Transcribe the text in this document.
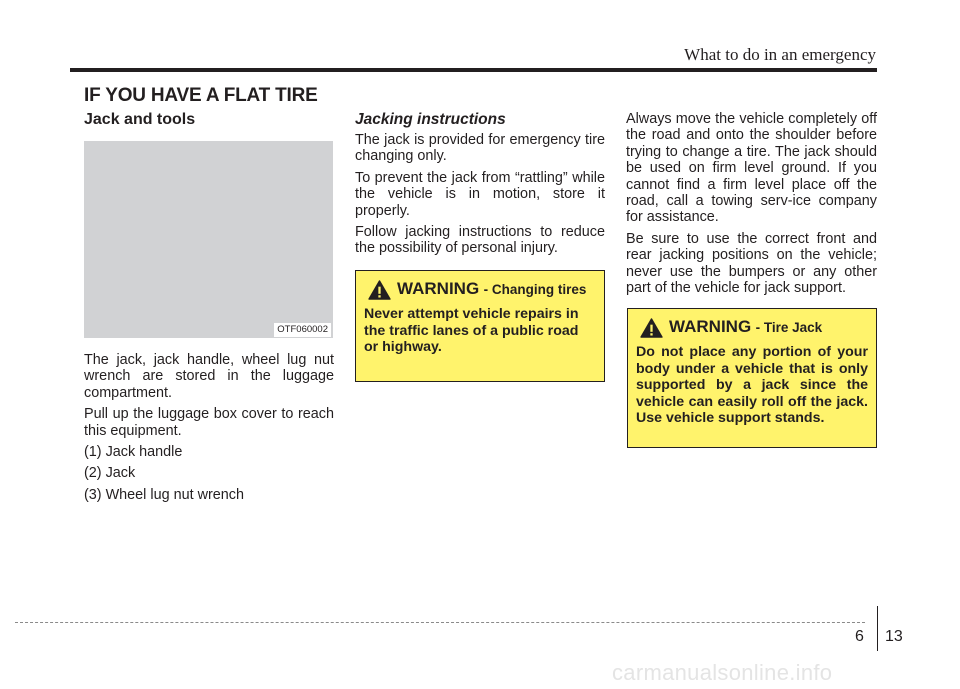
What to do in an emergency
IF YOU HAVE A FLAT TIRE
Jack and tools
OTF060002

The jack, jack handle, wheel lug nut wrench are stored in the luggage compartment.

Pull up the luggage box cover to reach this equipment.

(1) Jack handle

(2) Jack

(3) Wheel lug nut wrench

Jacking instructions

The jack is provided for emergency tire changing only.

To prevent the jack from “rattling” while the vehicle is in motion, store it properly.

Follow jacking instructions to reduce the possibility of personal injury.

WARNING - Changing tires
Never attempt vehicle repairs in the traffic lanes of a public road or highway.

Always move the vehicle completely off the road and onto the shoulder before trying to change a tire. The jack should be used on firm level ground. If you cannot find a firm level place off the road, call a towing serv-ice company for assistance.

Be sure to use the correct front and rear jacking positions on the vehicle; never use the bumpers or any other part of the vehicle for jack support.

WARNING - Tire Jack
Do not place any portion of your body under a vehicle that is only supported by a jack since the vehicle can easily roll off the jack. Use vehicle support stands.
6 13
carmanualsonline.info
